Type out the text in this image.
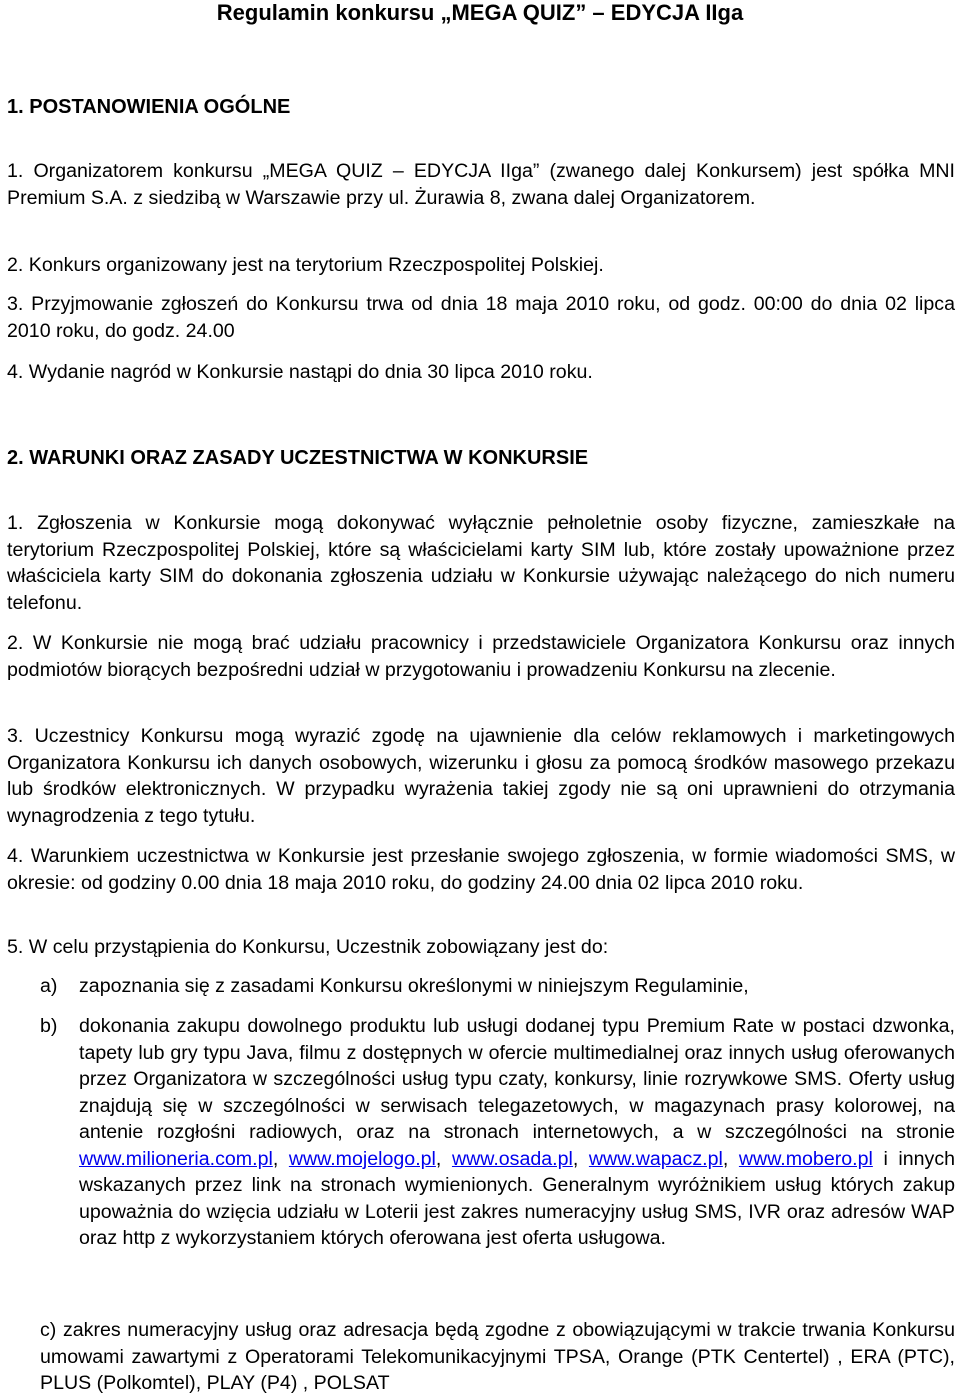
Regulamin konkursu „MEGA QUIZ” – EDYCJA IIga
1. POSTANOWIENIA OGÓLNE

1. Organizatorem konkursu „MEGA QUIZ – EDYCJA IIga” (zwanego dalej Konkursem) jest spółka MNI Premium S.A. z siedzibą w Warszawie przy ul. Żurawia 8, zwana dalej Organizatorem.

2. Konkurs organizowany jest na terytorium Rzeczpospolitej Polskiej.

3. Przyjmowanie zgłoszeń do Konkursu trwa od dnia 18 maja 2010 roku, od godz. 00:00 do dnia 02 lipca 2010 roku, do godz. 24.00

4. Wydanie nagród w Konkursie nastąpi do dnia 30 lipca 2010 roku.

2. WARUNKI ORAZ ZASADY UCZESTNICTWA W KONKURSIE

1. Zgłoszenia w Konkursie mogą dokonywać wyłącznie pełnoletnie osoby fizyczne, zamieszkałe na terytorium Rzeczpospolitej Polskiej, które są właścicielami karty SIM lub, które zostały upoważnione przez właściciela karty SIM do dokonania zgłoszenia udziału w Konkursie używając należącego do nich numeru telefonu.

2. W Konkursie nie mogą brać udziału pracownicy i przedstawiciele Organizatora Konkursu oraz innych podmiotów biorących bezpośredni udział w przygotowaniu i prowadzeniu Konkursu na zlecenie.

3. Uczestnicy Konkursu mogą wyrazić zgodę na ujawnienie dla celów reklamowych i marketingowych Organizatora Konkursu ich danych osobowych, wizerunku i głosu za pomocą środków masowego przekazu lub środków elektronicznych. W przypadku wyrażenia takiej zgody nie są oni uprawnieni do otrzymania wynagrodzenia z tego tytułu.

4. Warunkiem uczestnictwa w Konkursie jest przesłanie swojego zgłoszenia, w formie wiadomości SMS, w okresie: od godziny 0.00 dnia 18 maja 2010 roku, do godziny 24.00 dnia 02 lipca 2010 roku.

5. W celu przystąpienia do Konkursu, Uczestnik zobowiązany jest do:

a) zapoznania się z zasadami Konkursu określonymi w niniejszym Regulaminie,
b) dokonania zakupu dowolnego produktu lub usługi dodanej typu Premium Rate w postaci dzwonka, tapety lub gry typu Java, filmu z dostępnych w ofercie multimedialnej oraz innych usług oferowanych przez Organizatora w szczególności usług typu czaty, konkursy, linie rozrywkowe SMS. Oferty usług znajdują się w szczególności w serwisach telegazetowych, w magazynach prasy kolorowej, na antenie rozgłośni radiowych, oraz na stronach internetowych, a w szczególności na stronie www.milioneria.com.pl, www.mojelogo.pl, www.osada.pl, www.wapacz.pl, www.mobero.pl i innych wskazanych przez link na stronach wymienionych. Generalnym wyróżnikiem usług których zakup upoważnia do wzięcia udziału w Loterii jest zakres numeracyjny usług SMS, IVR oraz adresów WAP oraz http z wykorzystaniem których oferowana jest oferta usługowa.
c) zakres numeracyjny usług oraz adresacja będą zgodne z obowiązującymi w trakcie trwania Konkursu umowami zawartymi z Operatorami Telekomunikacyjnymi TPSA, Orange (PTK Centertel) , ERA (PTC), PLUS (Polkomtel), PLAY (P4) , POLSAT
